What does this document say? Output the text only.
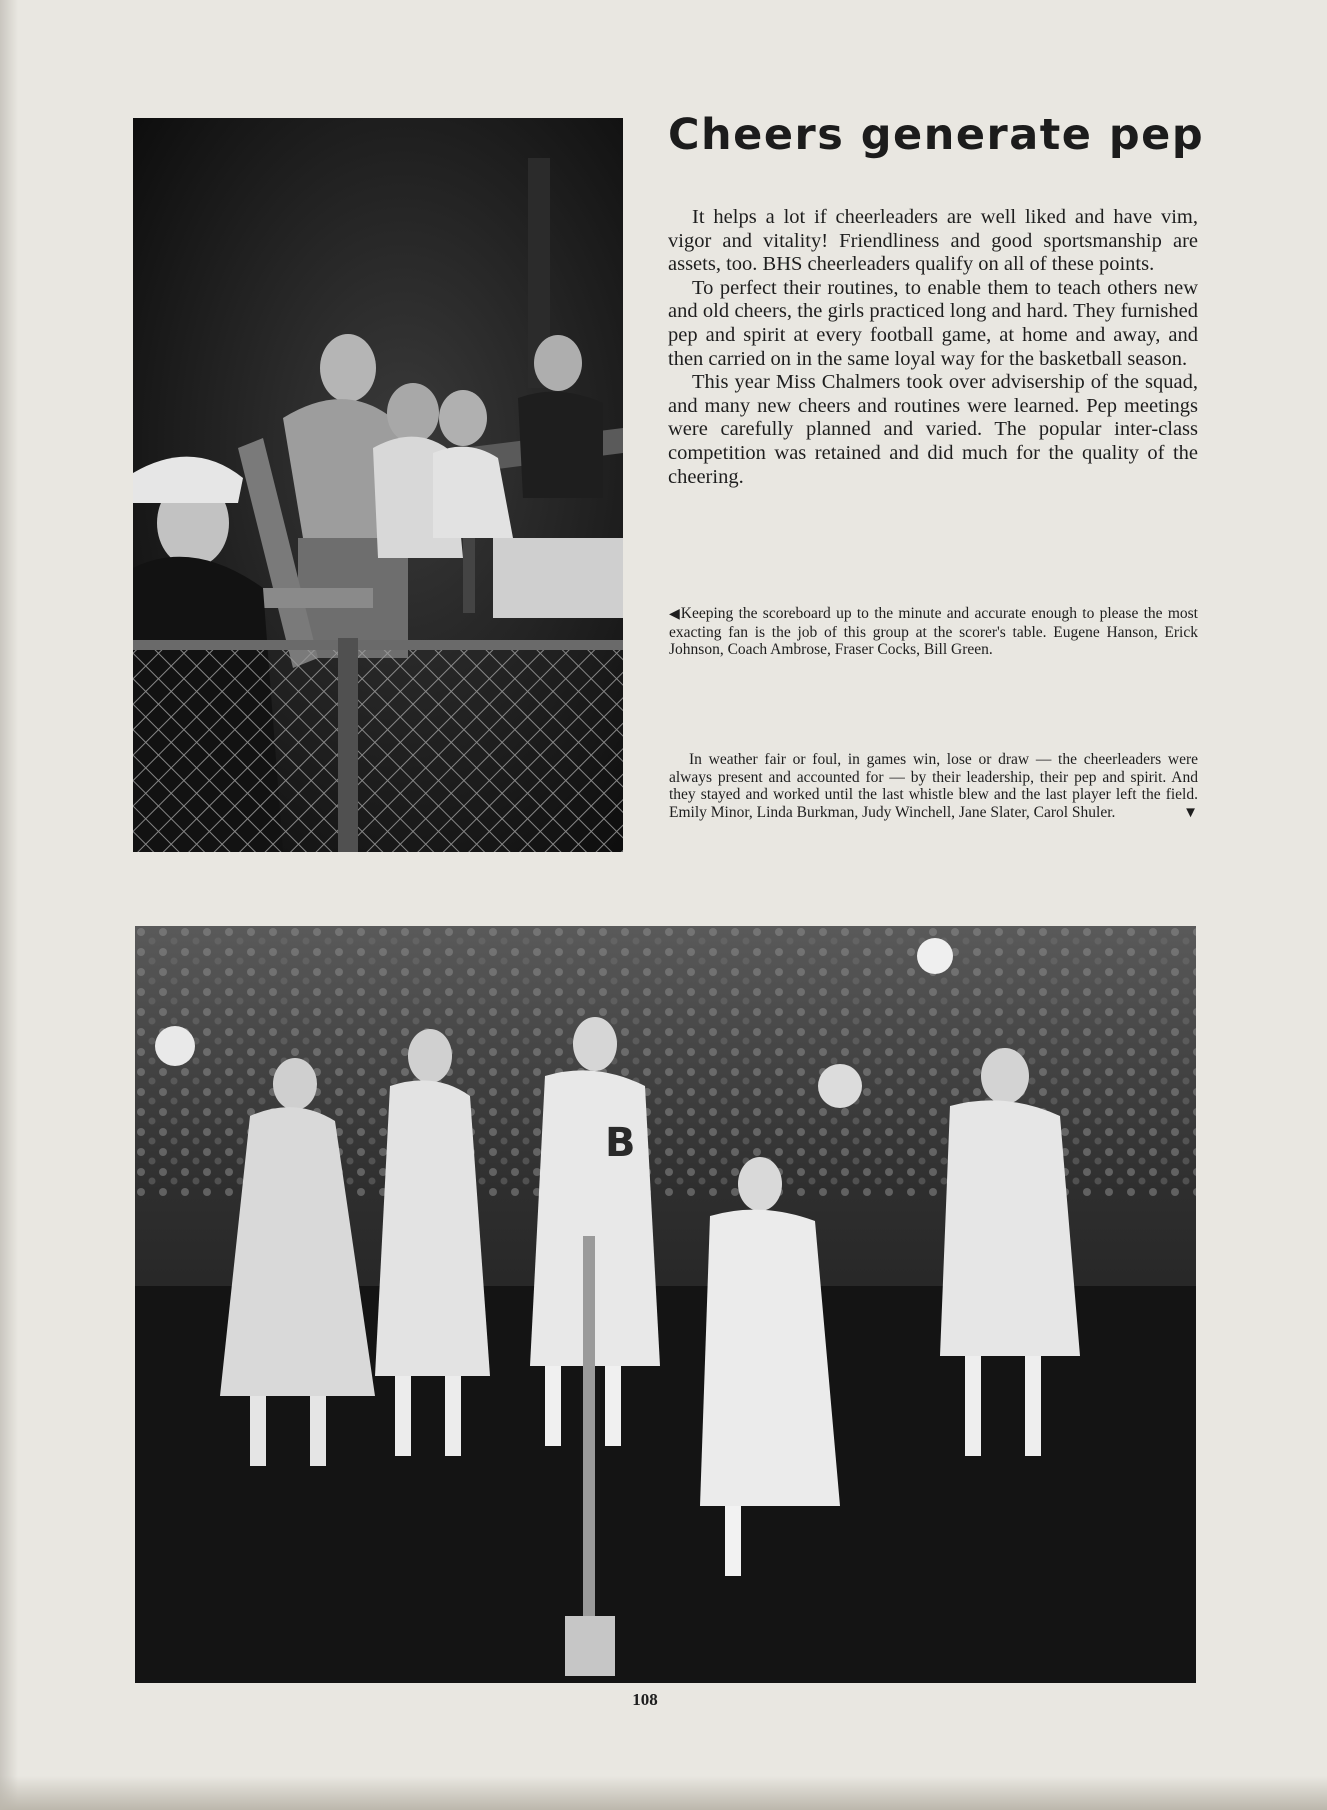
Cheers generate pep

It helps a lot if cheerleaders are well liked and have vim, vigor and vitality! Friendliness and good sportsmanship are assets, too. BHS cheerleaders qualify on all of these points.

To perfect their routines, to enable them to teach others new and old cheers, the girls practiced long and hard. They furnished pep and spirit at every football game, at home and away, and then carried on in the same loyal way for the basketball season.

This year Miss Chalmers took over advisership of the squad, and many new cheers and routines were learned. Pep meetings were carefully planned and varied. The popular inter-class competition was retained and did much for the quality of the cheering.

◀Keeping the scoreboard up to the minute and accurate enough to please the most exacting fan is the job of this group at the scorer's table. Eugene Hanson, Erick Johnson, Coach Ambrose, Fraser Cocks, Bill Green.

In weather fair or foul, in games win, lose or draw — the cheerleaders were always present and accounted for — by their leadership, their pep and spirit. And they stayed and worked until the last whistle blew and the last player left the field. Emily Minor, Linda Burkman, Judy Winchell, Jane Slater, Carol Shuler.	▼
B
108
